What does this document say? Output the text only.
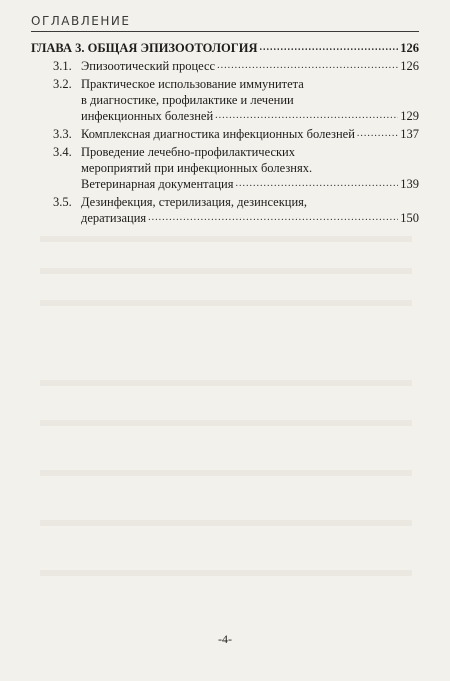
ОГЛАВЛЕНИЕ
ГЛАВА 3. ОБЩАЯ ЭПИЗООТОЛОГИЯ .....	126
3.1. Эпизоотический процесс .....	126
3.2. Практическое использование иммунитета
в диагностике, профилактике и лечении
инфекционных болезней .....	129
3.3. Комплексная диагностика инфекционных болезней .....	137
3.4. Проведение лечебно-профилактических
мероприятий при инфекционных болезнях.
Ветеринарная документация .....	139
3.5. Дезинфекция, стерилизация, дезинсекция,
дератизация .....	150
-4-
